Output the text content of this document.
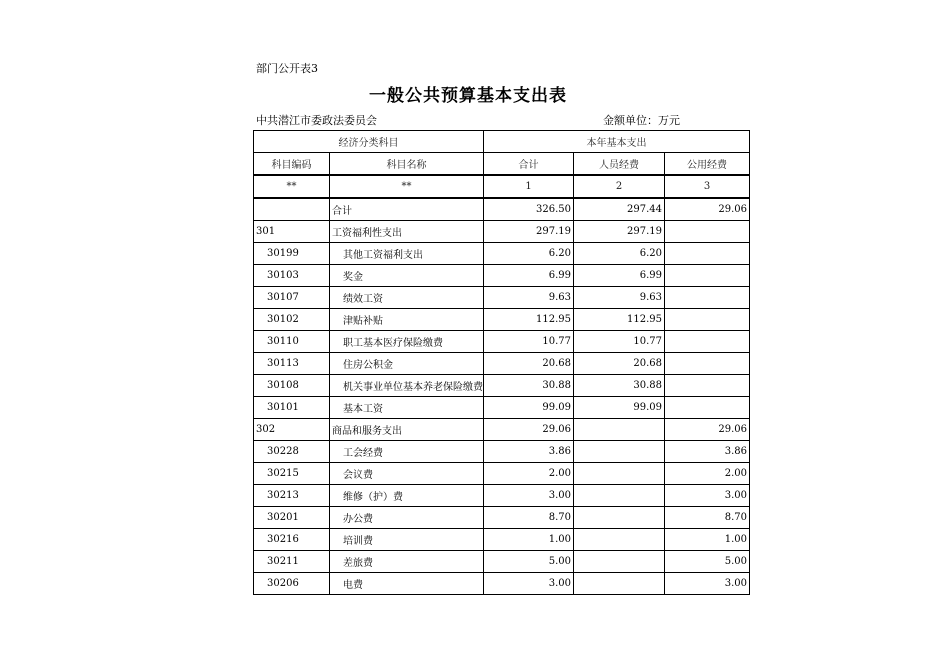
部门公开表3
一般公共预算基本支出表
中共潜江市委政法委员会	金额单位：万元
经济分类科目		本年基本支出		
科目编码	科目名称	合计	人员经费	公用经费
**	**	1	2	3
	合计	326.50	297.44	29.06
301	工资福利性支出	297.19	297.19	
30199	其他工资福利支出	6.20	6.20	
30103	奖金	6.99	6.99	
30107	绩效工资	9.63	9.63	
30102	津贴补贴	112.95	112.95	
30110	职工基本医疗保险缴费	10.77	10.77	
30113	住房公积金	20.68	20.68	
30108	机关事业单位基本养老保险缴费	30.88	30.88	
30101	基本工资	99.09	99.09	
302	商品和服务支出	29.06		29.06
30228	工会经费	3.86		3.86
30215	会议费	2.00		2.00
30213	维修（护）费	3.00		3.00
30201	办公费	8.70		8.70
30216	培训费	1.00		1.00
30211	差旅费	5.00		5.00
30206	电费	3.00		3.00
